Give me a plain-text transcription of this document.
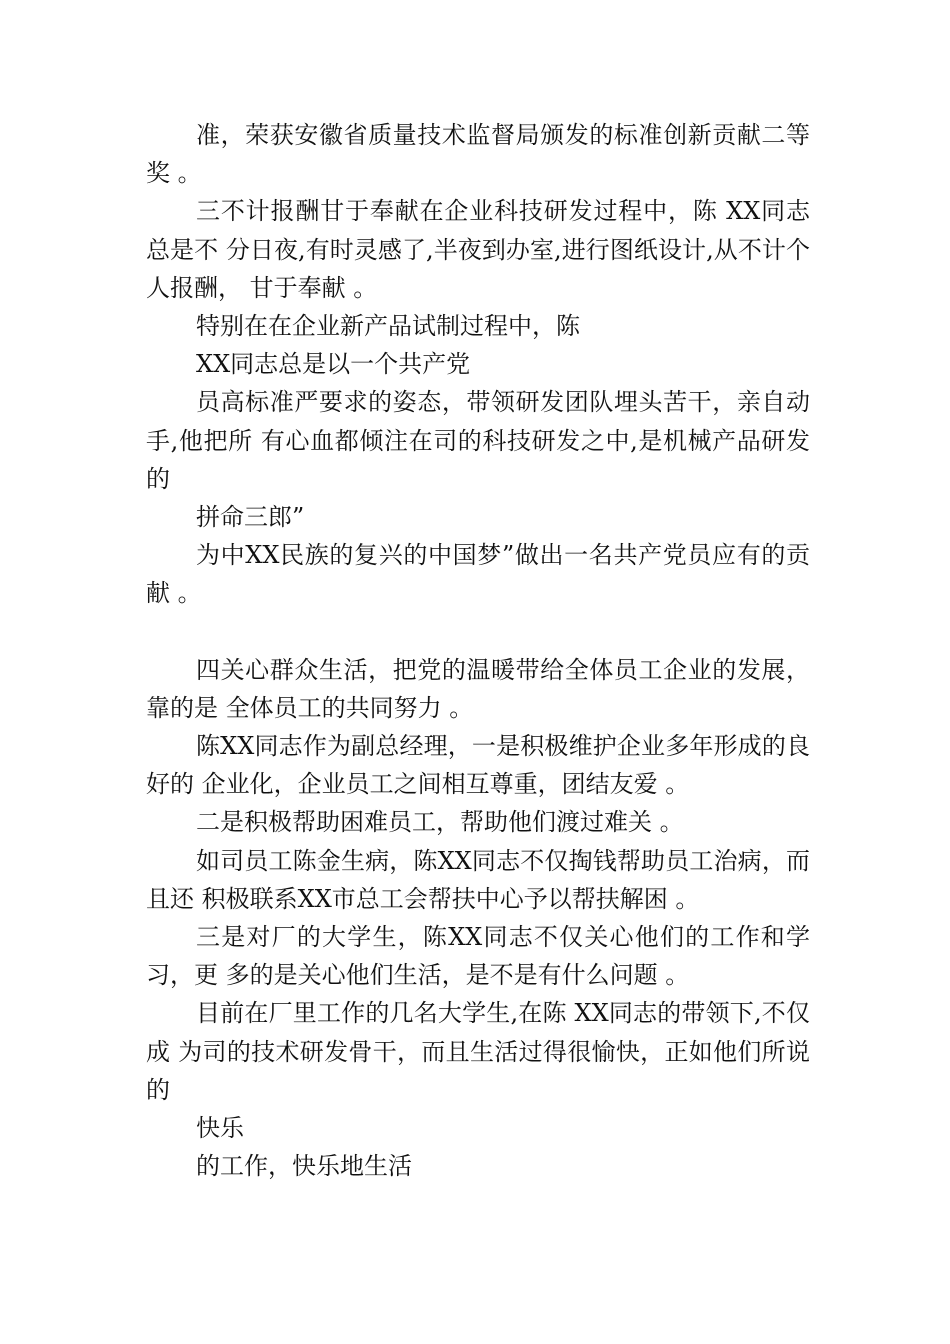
准，荣获安徽省质量技术监督局颁发的标准创新贡献二等奖 。

三不计报酬甘于奉献在企业科技研发过程中，陈 XX同志总是不 分日夜,有时灵感了,半夜到办室,进行图纸设计,从不计个人报酬， 甘于奉献 。

特别在在企业新产品试制过程中，陈

XX同志总是以一个共产党

员高标准严要求的姿态，带领研发团队埋头苦干，亲自动手,他把所 有心血都倾注在司的科技研发之中,是机械产品研发的

拼命三郎”

为中XX民族的复兴的中国梦”做出一名共产党员应有的贡献 。

四关心群众生活，把党的温暖带给全体员工企业的发展， 靠的是 全体员工的共同努力 。

陈XX同志作为副总经理，一是积极维护企业多年形成的良好的 企业化，企业员工之间相互尊重，团结友爱 。

二是积极帮助困难员工，帮助他们渡过难关 。

如司员工陈金生病，陈XX同志不仅掏钱帮助员工治病，而且还 积极联系XX市总工会帮扶中心予以帮扶解困 。

三是对厂的大学生，陈XX同志不仅关心他们的工作和学习，更 多的是关心他们生活，是不是有什么问题 。

目前在厂里工作的几名大学生,在陈 XX同志的带领下,不仅成 为司的技术研发骨干，而且生活过得很愉快，正如他们所说的

快乐

的工作，快乐地生活
